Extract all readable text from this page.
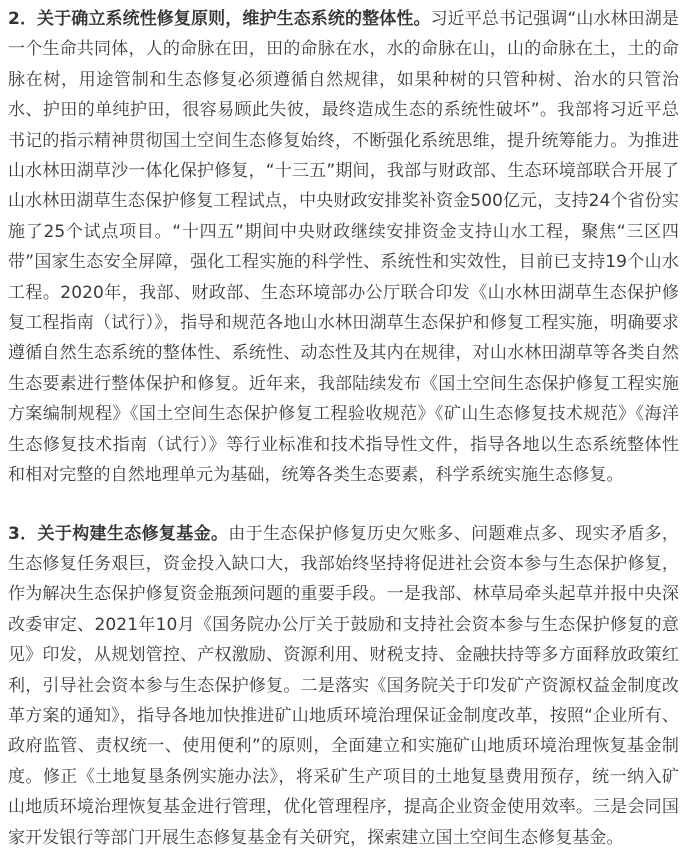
2．关于确立系统性修复原则，维护生态系统的整体性。习近平总书记强调“山水林田湖是一个生命共同体，人的命脉在田，田的命脉在水，水的命脉在山，山的命脉在土，土的命脉在树，用途管制和生态修复必须遵循自然规律，如果种树的只管种树、治水的只管治水、护田的单纯护田，很容易顾此失彼，最终造成生态的系统性破坏”。我部将习近平总书记的指示精神贯彻国土空间生态修复始终，不断强化系统思维，提升统筹能力。为推进山水林田湖草沙一体化保护修复，“十三五”期间，我部与财政部、生态环境部联合开展了山水林田湖草生态保护修复工程试点，中央财政安排奖补资金500亿元，支持24个省份实施了25个试点项目。“十四五”期间中央财政继续安排资金支持山水工程，聚焦“三区四带”国家生态安全屏障，强化工程实施的科学性、系统性和实效性，目前已支持19个山水工程。2020年，我部、财政部、生态环境部办公厅联合印发《山水林田湖草生态保护修复工程指南（试行）》，指导和规范各地山水林田湖草生态保护和修复工程实施，明确要求遵循自然生态系统的整体性、系统性、动态性及其内在规律，对山水林田湖草等各类自然生态要素进行整体保护和修复。近年来，我部陆续发布《国土空间生态保护修复工程实施方案编制规程》《国土空间生态保护修复工程验收规范》《矿山生态修复技术规范》《海洋生态修复技术指南（试行）》等行业标准和技术指导性文件，指导各地以生态系统整体性和相对完整的自然地理单元为基础，统筹各类生态要素，科学系统实施生态修复。

3．关于构建生态修复基金。由于生态保护修复历史欠账多、问题难点多、现实矛盾多，生态修复任务艰巨，资金投入缺口大，我部始终坚持将促进社会资本参与生态保护修复，作为解决生态保护修复资金瓶颈问题的重要手段。一是我部、林草局牵头起草并报中央深改委审定、2021年10月《国务院办公厅关于鼓励和支持社会资本参与生态保护修复的意见》印发，从规划管控、产权激励、资源利用、财税支持、金融扶持等多方面释放政策红利，引导社会资本参与生态保护修复。二是落实《国务院关于印发矿产资源权益金制度改革方案的通知》，指导各地加快推进矿山地质环境治理保证金制度改革，按照“企业所有、政府监管、责权统一、使用便利”的原则，全面建立和实施矿山地质环境治理恢复基金制度。修正《土地复垦条例实施办法》，将采矿生产项目的土地复垦费用预存，统一纳入矿山地质环境治理恢复基金进行管理，优化管理程序，提高企业资金使用效率。三是会同国家开发银行等部门开展生态修复基金有关研究，探索建立国土空间生态修复基金。
